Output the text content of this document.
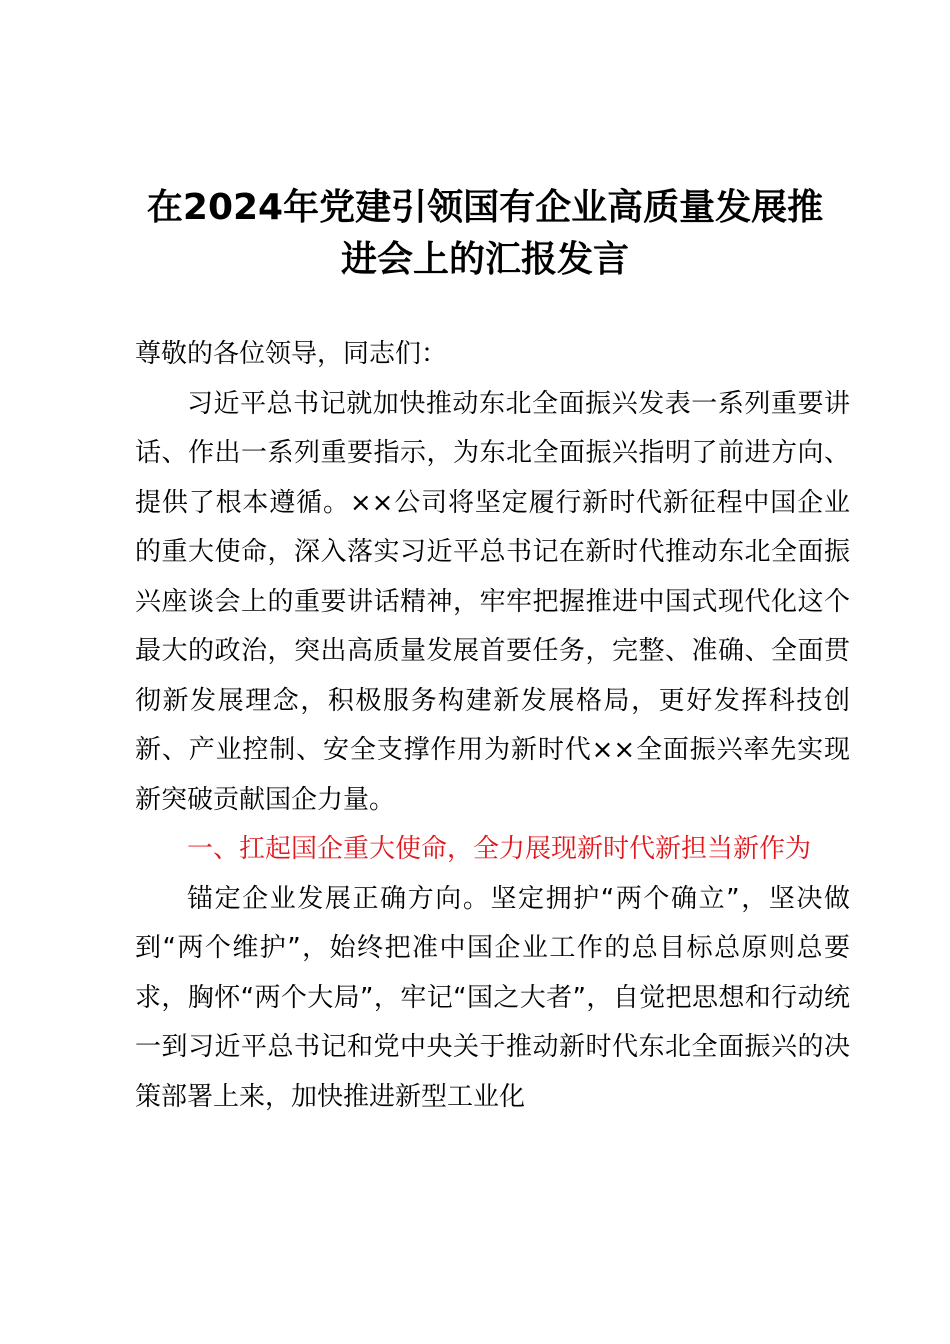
在2024年党建引领国有企业高质量发展推
进会上的汇报发言

尊敬的各位领导，同志们：

习近平总书记就加快推动东北全面振兴发表一系列重要讲话、作出一系列重要指示，为东北全面振兴指明了前进方向、提供了根本遵循。××公司将坚定履行新时代新征程中国企业的重大使命，深入落实习近平总书记在新时代推动东北全面振兴座谈会上的重要讲话精神，牢牢把握推进中国式现代化这个最大的政治，突出高质量发展首要任务，完整、准确、全面贯彻新发展理念，积极服务构建新发展格局，更好发挥科技创新、产业控制、安全支撑作用为新时代××全面振兴率先实现新突破贡献国企力量。

一、扛起国企重大使命，全力展现新时代新担当新作为

锚定企业发展正确方向。坚定拥护“两个确立”，坚决做到“两个维护”，始终把准中国企业工作的总目标总原则总要求，胸怀“两个大局”，牢记“国之大者”，自觉把思想和行动统一到习近平总书记和党中央关于推动新时代东北全面振兴的决策部署上来，加快推进新型工业化
